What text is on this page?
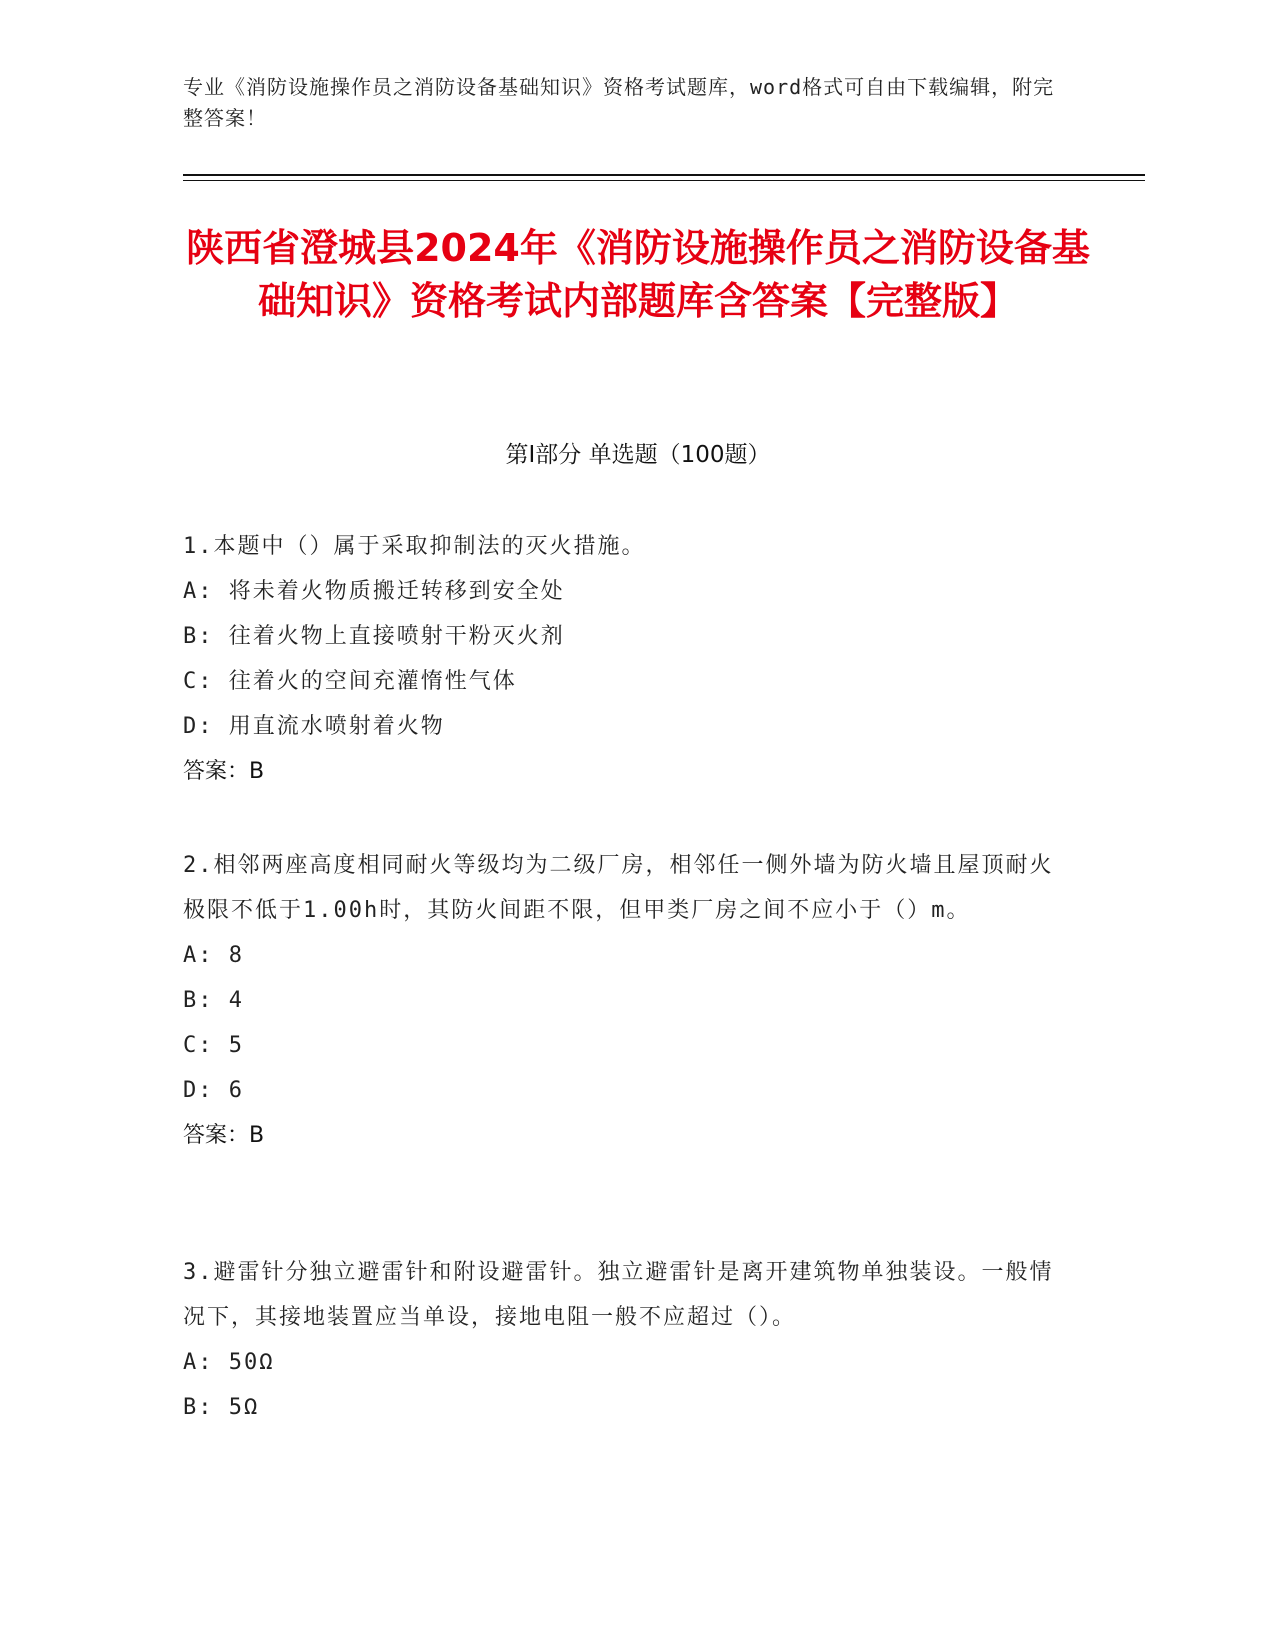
专业《消防设施操作员之消防设备基础知识》资格考试题库，word格式可自由下载编辑，附完整答案！
陕西省澄城县2024年《消防设施操作员之消防设备基础知识》资格考试内部题库含答案【完整版】
第Ⅰ部分 单选题（100题）
1.本题中（）属于采取抑制法的灭火措施。
A: 将未着火物质搬迁转移到安全处
B: 往着火物上直接喷射干粉灭火剂
C: 往着火的空间充灌惰性气体
D: 用直流水喷射着火物
答案：B
2.相邻两座高度相同耐火等级均为二级厂房，相邻任一侧外墙为防火墙且屋顶耐火极限不低于1.00h时，其防火间距不限，但甲类厂房之间不应小于（）m。
A: 8
B: 4
C: 5
D: 6
答案：B
3.避雷针分独立避雷针和附设避雷针。独立避雷针是离开建筑物单独装设。一般情况下，其接地装置应当单设，接地电阻一般不应超过（）。
A: 50Ω
B: 5Ω
